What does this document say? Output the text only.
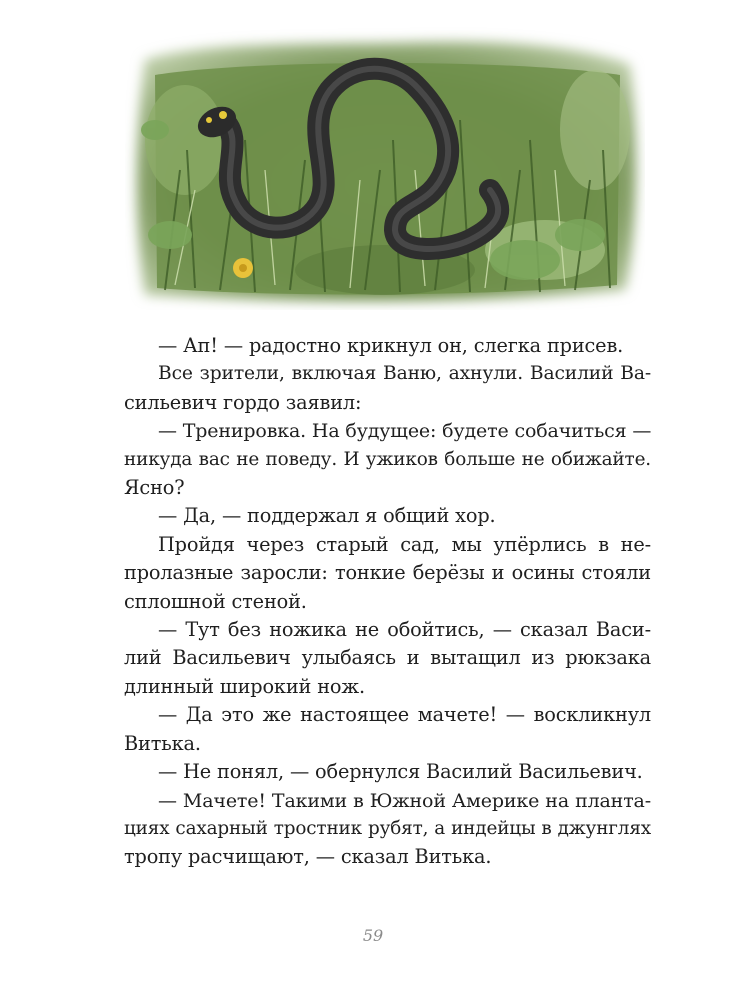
— Ап! — радостно крикнул он, слегка присев.
Все зрители, включая Ваню, ахнули. Василий Ва-
сильевич гордо заявил:
— Тренировка. На будущее: будете собачиться —
никуда вас не поведу. И ужиков больше не обижайте.
Ясно?
— Да, — поддержал я общий хор.
Пройдя через старый сад, мы упёрлись в не-
пролазные заросли: тонкие берёзы и осины стояли
сплошной стеной.
— Тут без ножика не обойтись, — сказал Васи-
лий Васильевич улыбаясь и вытащил из рюкзака
длинный широкий нож.
— Да это же настоящее мачете! — воскликнул
Витька.
— Не понял, — обернулся Василий Васильевич.
— Мачете! Такими в Южной Америке на планта-
циях сахарный тростник рубят, а индейцы в джунглях
тропу расчищают, — сказал Витька.
59
